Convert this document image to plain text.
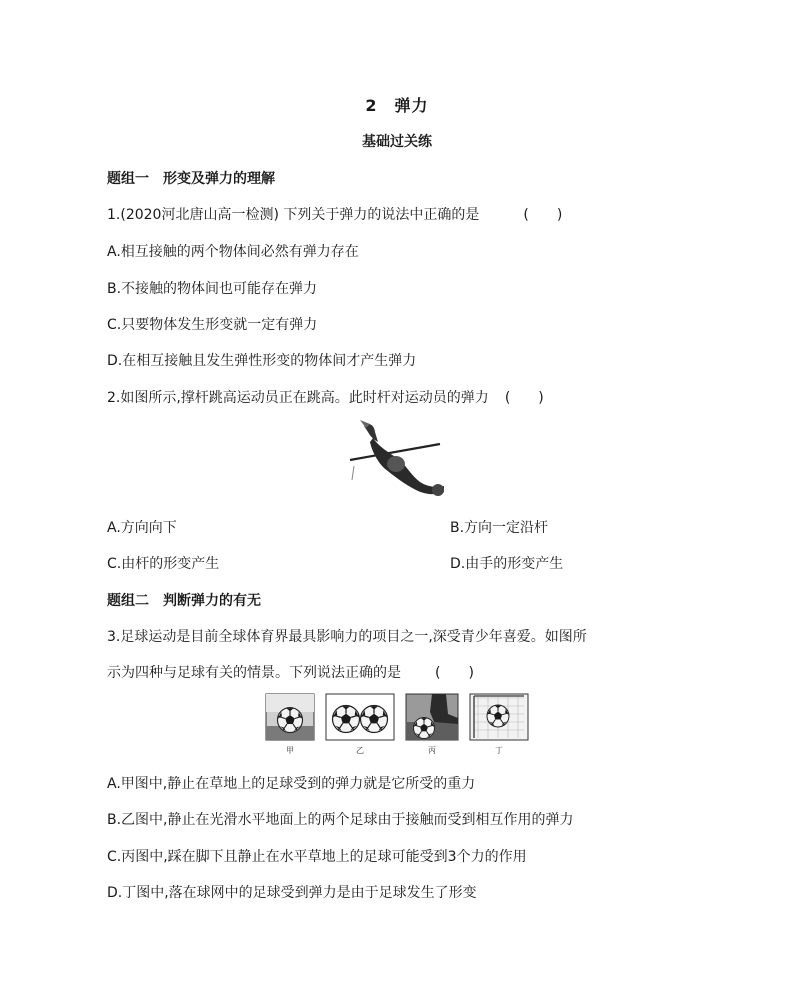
2　弹力
基础过关练
题组一　形变及弹力的理解
1.(2020河北唐山高一检测) 下列关于弹力的说法中正确的是	(　　)
A.相互接触的两个物体间必然有弹力存在
B.不接触的物体间也可能存在弹力
C.只要物体发生形变就一定有弹力
D.在相互接触且发生弹性形变的物体间才产生弹力
2.如图所示,撑杆跳高运动员正在跳高。此时杆对运动员的弹力 (　　)
A.方向向下	B.方向一定沿杆
C.由杆的形变产生	D.由手的形变产生
题组二　判断弹力的有无
3.足球运动是目前全球体育界最具影响力的项目之一,深受青少年喜爱。如图所
示为四种与足球有关的情景。下列说法正确的是 (　　)
甲	乙	丙	丁
A.甲图中,静止在草地上的足球受到的弹力就是它所受的重力
B.乙图中,静止在光滑水平地面上的两个足球由于接触而受到相互作用的弹力
C.丙图中,踩在脚下且静止在水平草地上的足球可能受到3个力的作用
D.丁图中,落在球网中的足球受到弹力是由于足球发生了形变
